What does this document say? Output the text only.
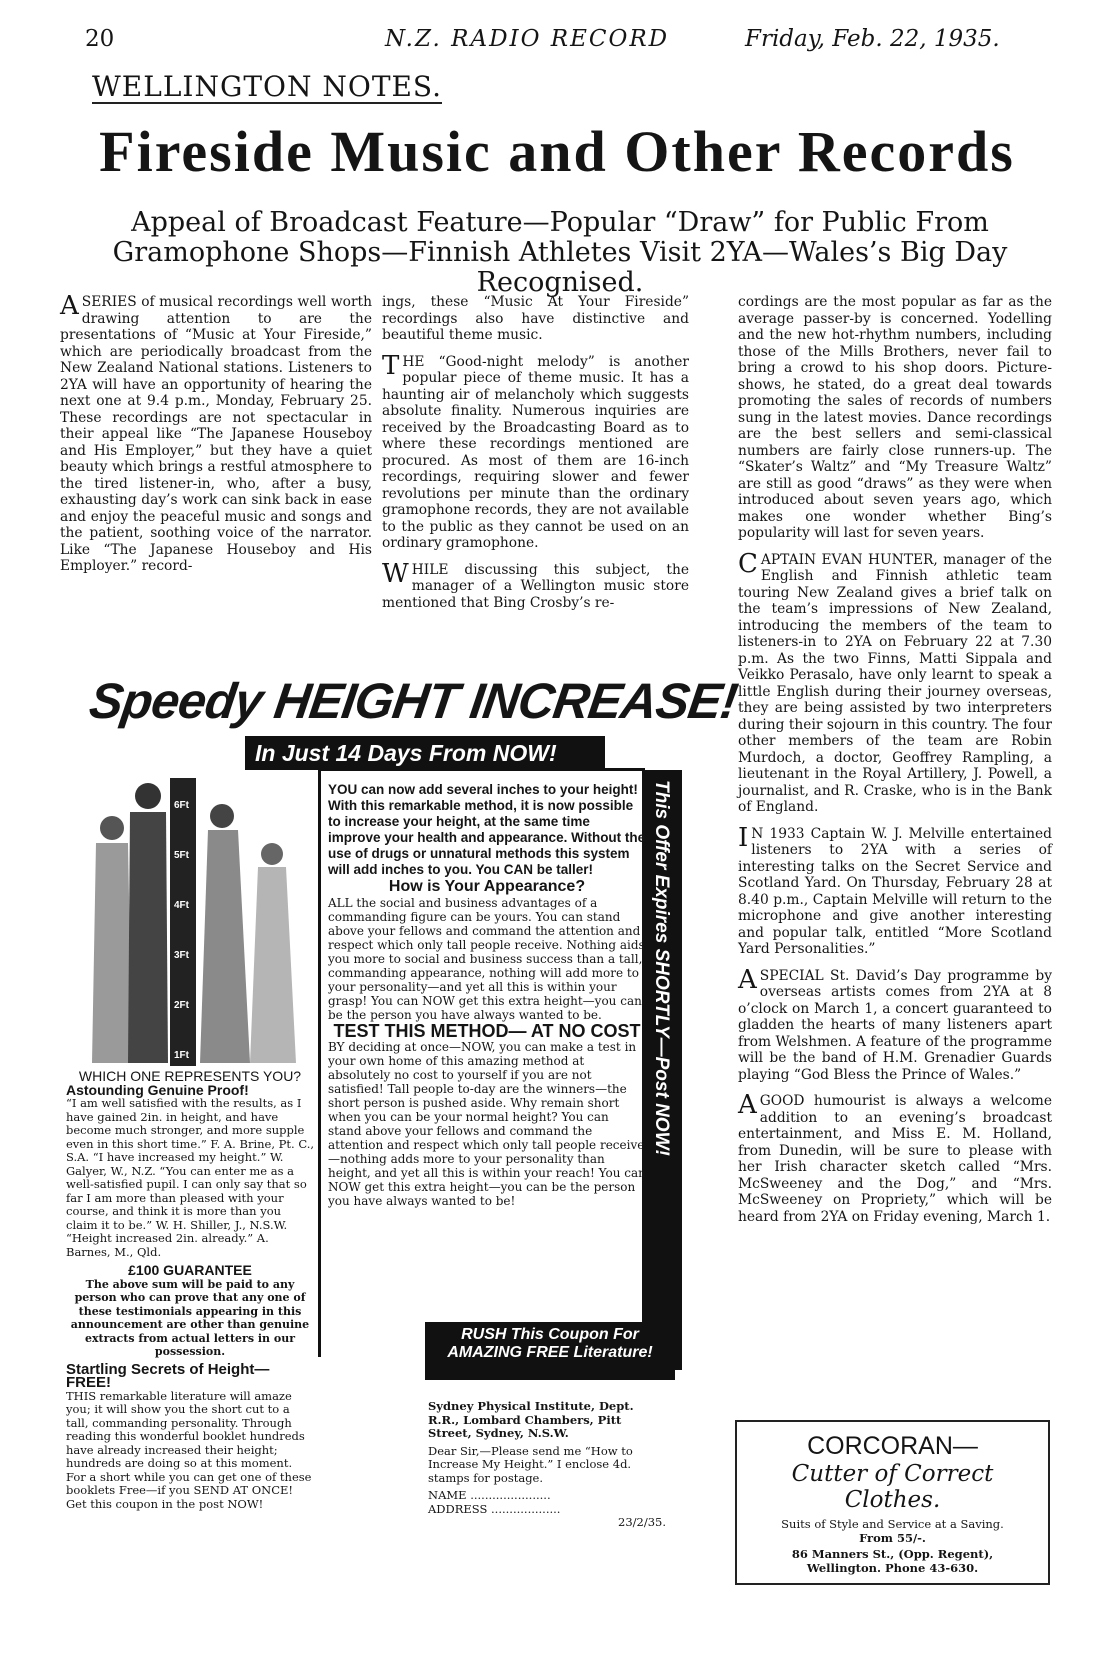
20	N.Z. RADIO RECORD	Friday, Feb. 22, 1935.
WELLINGTON NOTES.
Fireside Music and Other Records
Appeal of Broadcast Feature—Popular “Draw” for Public From Gramophone Shops—Finnish Athletes Visit 2YA—Wales’s Big Day Recognised.

ASERIES of musical recordings well worth drawing attention to are the presentations of “Music at Your Fireside,” which are periodically broadcast from the New Zealand National stations. Listeners to 2YA will have an opportunity of hearing the next one at 9.4 p.m., Monday, February 25. These recordings are not spectacular in their appeal like “The Japanese Houseboy and His Employer,” but they have a quiet beauty which brings a restful atmosphere to the tired listener-in, who, after a busy, exhausting day’s work can sink back in ease and enjoy the peaceful music and songs and the patient, soothing voice of the narrator. Like “The Japanese Houseboy and His Employer.” record-

ings, these “Music At Your Fireside” recordings also have distinctive and beautiful theme music.

THE “Good-night melody” is another popular piece of theme music. It has a haunting air of melancholy which suggests absolute finality. Numerous inquiries are received by the Broadcasting Board as to where these recordings mentioned are procured. As most of them are 16-inch recordings, requiring slower and fewer revolutions per minute than the ordinary gramophone records, they are not available to the public as they cannot be used on an ordinary gramophone.

WHILE discussing this subject, the manager of a Wellington music store mentioned that Bing Crosby’s re-

cordings are the most popular as far as the average passer-by is concerned. Yodelling and the new hot-rhythm numbers, including those of the Mills Brothers, never fail to bring a crowd to his shop doors. Picture-shows, he stated, do a great deal towards promoting the sales of records of numbers sung in the latest movies. Dance recordings are the best sellers and semi-classical numbers are fairly close runners-up. The “Skater’s Waltz” and “My Treasure Waltz” are still as good “draws” as they were when introduced about seven years ago, which makes one wonder whether Bing’s popularity will last for seven years.

CAPTAIN EVAN HUNTER, manager of the English and Finnish athletic team touring New Zealand gives a brief talk on the team’s impressions of New Zealand, introducing the members of the team to listeners-in to 2YA on February 22 at 7.30 p.m. As the two Finns, Matti Sippala and Veikko Perasalo, have only learnt to speak a little English during their journey overseas, they are being assisted by two interpreters during their sojourn in this country. The four other members of the team are Robin Murdoch, a doctor, Geoffrey Rampling, a lieutenant in the Royal Artillery, J. Powell, a journalist, and R. Craske, who is in the Bank of England.

I N 1933 Captain W. J. Melville entertained listeners to 2YA with a series of interesting talks on the Secret Service and Scotland Yard. On Thursday, February 28 at 8.40 p.m., Captain Melville will return to the microphone and give another interesting and popular talk, entitled “More Scotland Yard Personalities.”

ASPECIAL St. David’s Day programme by overseas artists comes from 2YA at 8 o’clock on March 1, a concert guaranteed to gladden the hearts of many listeners apart from Welshmen. A feature of the programme will be the band of H.M. Grenadier Guards playing “God Bless the Prince of Wales.”

AGOOD humourist is always a welcome addition to an evening’s broadcast entertainment, and Miss E. M. Holland, from Dunedin, will be sure to please with her Irish character sketch called “Mrs. McSweeney and the Dog,” and “Mrs. McSweeney on Propriety,” which will be heard from 2YA on Friday evening, March 1.

Speedy HEIGHT INCREASE!
In Just 14 Days From NOW!
This Offer Expires SHORTLY—Post NOW!
6Ft
5Ft
4Ft
3Ft
2Ft
1Ft
YOU can now add several inches to your height! With this remarkable method, it is now possible to increase your height, at the same time improve your health and appearance. Without the use of drugs or unnatural methods this system will add inches to you. You CAN be taller!
How is Your Appearance?
ALL the social and business advantages of a commanding figure can be yours. You can stand above your fellows and command the attention and respect which only tall people receive. Nothing aids you more to social and business success than a tall, commanding appearance, nothing will add more to your personality—and yet all this is within your grasp! You can NOW get this extra height—you can be the person you have always wanted to be.
TEST THIS METHOD— AT NO COST
BY deciding at once—NOW, you can make a test in your own home of this amazing method at absolutely no cost to yourself if you are not satisfied! Tall people to-day are the winners—the short person is pushed aside. Why remain short when you can be your normal height? You can stand above your fellows and command the attention and respect which only tall people receive—nothing adds more to your personality than height, and yet all this is within your reach! You can NOW get this extra height—you can be the person you have always wanted to be!
WHICH ONE REPRESENTS YOU?
Astounding Genuine Proof!
“I am well satisfied with the results, as I have gained 2in. in height, and have become much stronger, and more supple even in this short time.” F. A. Brine, Pt. C., S.A. “I have increased my height.” W. Galyer, W., N.Z. “You can enter me as a well-satisfied pupil. I can only say that so far I am more than pleased with your course, and think it is more than you claim it to be.” W. H. Shiller, J., N.S.W. “Height increased 2in. already.” A. Barnes, M., Qld.
£100 GUARANTEE
The above sum will be paid to any person who can prove that any one of these testimonials appearing in this announcement are other than genuine extracts from actual letters in our possession.
Startling Secrets of Height—FREE!
THIS remarkable literature will amaze you; it will show you the short cut to a tall, commanding personality. Through reading this wonderful booklet hundreds have already increased their height; hundreds are doing so at this moment. For a short while you can get one of these booklets Free—if you SEND AT ONCE! Get this coupon in the post NOW!
RUSH This Coupon For AMAZING FREE Literature!
Sydney Physical Institute, Dept. R.R., Lombard Chambers, Pitt Street, Sydney, N.S.W.
Dear Sir,—Please send me “How to Increase My Height.” I enclose 4d. stamps for postage.
NAME ......................
ADDRESS ...................
23/2/35.
CORCORAN—
Cutter of Correct
Clothes.
Suits of Style and Service at a Saving.
From 55/-.
86 Manners St., (Opp. Regent), Wellington. Phone 43-630.
